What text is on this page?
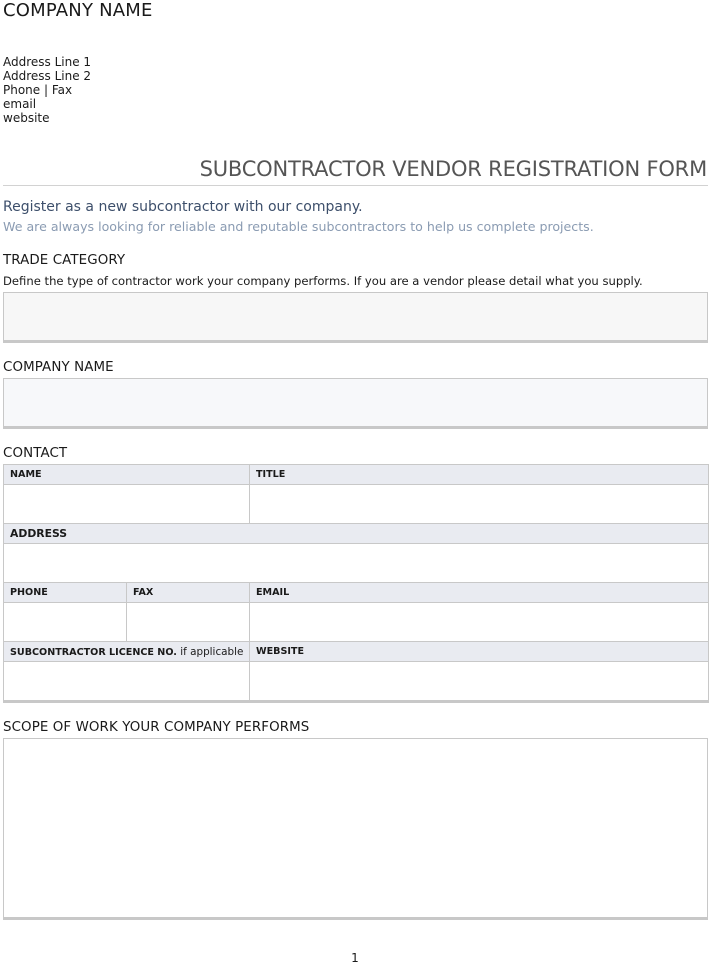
COMPANY NAME
Address Line 1
Address Line 2
Phone | Fax
email
website
SUBCONTRACTOR VENDOR REGISTRATION FORM
Register as a new subcontractor with our company.
We are always looking for reliable and reputable subcontractors to help us complete projects.
TRADE CATEGORY
Define the type of contractor work your company performs. If you are a vendor please detail what you supply.
COMPANY NAME
CONTACT
NAME		TITLE

ADDRESS		

PHONE	FAX	EMAIL

SUBCONTRACTOR LICENCE NO. if applicable		WEBSITE

SCOPE OF WORK YOUR COMPANY PERFORMS
1
